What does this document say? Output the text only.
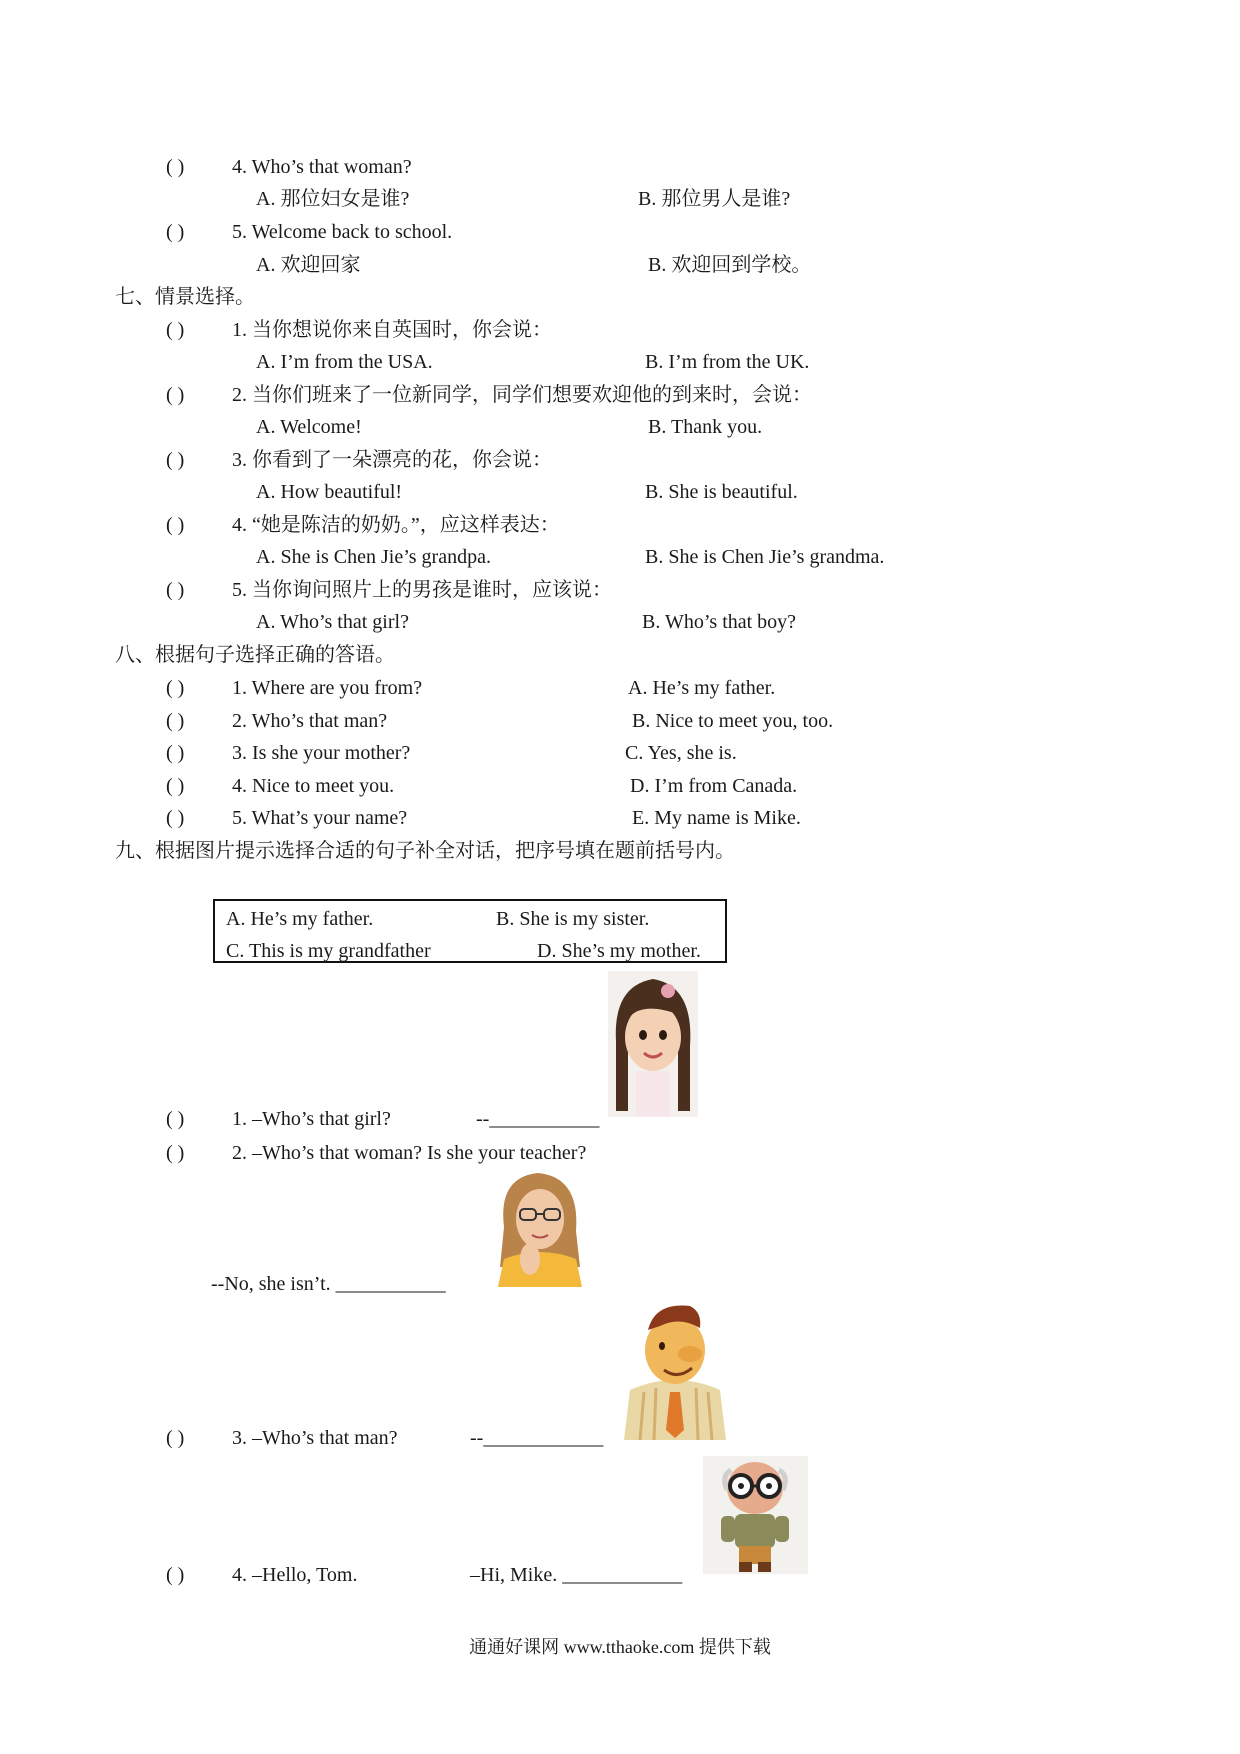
( ) 4. Who’s that woman?
A. 那位妇女是谁?	B. 那位男人是谁?
( ) 5. Welcome back to school.
A. 欢迎回家	B. 欢迎回到学校。
七、情景选择。
( ) 1. 当你想说你来自英国时，你会说：
A. I’m from the USA.	B. I’m from the UK.
( ) 2. 当你们班来了一位新同学，同学们想要欢迎他的到来时，会说：
A. Welcome!	B. Thank you.
( ) 3. 你看到了一朵漂亮的花，你会说：
A. How beautiful!	B. She is beautiful.
( ) 4. “她是陈洁的奶奶。”，应这样表达：
A. She is Chen Jie’s grandpa.	B. She is Chen Jie’s grandma.
( ) 5. 当你询问照片上的男孩是谁时，应该说：
A. Who’s that girl?	B. Who’s that boy?
八、根据句子选择正确的答语。
( ) 1. Where are you from?	A. He’s my father.
( ) 2. Who’s that man?	B. Nice to meet you, too.
( ) 3. Is she your mother?	C. Yes, she is.
( ) 4. Nice to meet you.	D. I’m from Canada.
( ) 5. What’s your name?	E. My name is Mike.
九、根据图片提示选择合适的句子补全对话，把序号填在题前括号内。
A. He’s my father.	B. She is my sister.
C. This is my grandfather	D. She’s my mother.
( ) 1. –Who’s that girl?	--___________
( ) 2. –Who’s that woman? Is she your teacher?
--No, she isn’t. ___________
( ) 3. –Who’s that man?	--____________
( ) 4. –Hello, Tom.	–Hi, Mike. ____________
通通好课网 www.tthaoke.com 提供下载
